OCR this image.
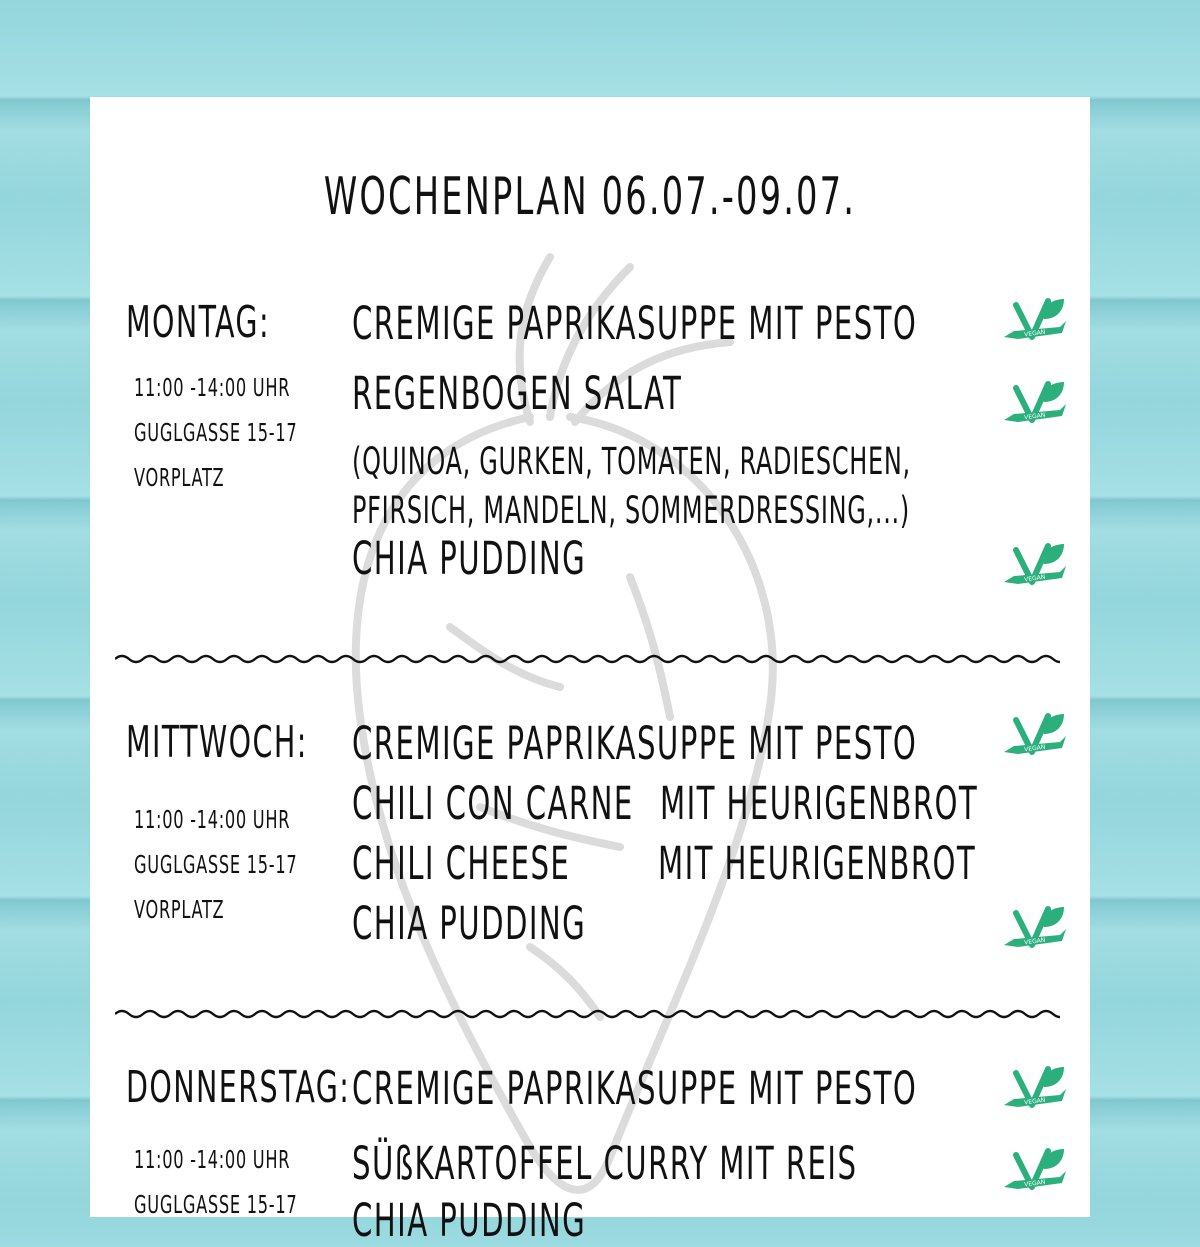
WOCHENPLAN 06.07.-09.07.
MONTAG:
11:00 -14:00 UHR
GUGLGASSE 15-17
VORPLATZ
CREMIGE PAPRIKASUPPE MIT PESTO
REGENBOGEN SALAT
(QUINOA, GURKEN, TOMATEN, RADIESCHEN,
PFIRSICH, MANDELN, SOMMERDRESSING,...)
CHIA PUDDING
MITTWOCH:
11:00 -14:00 UHR
GUGLGASSE 15-17
VORPLATZ
CREMIGE PAPRIKASUPPE MIT PESTO
CHILI CON CARNE MIT HEURIGENBROT
CHILI CHEESE	MIT HEURIGENBROT
CHIA PUDDING
DONNERSTAG:
11:00 -14:00 UHR
GUGLGASSE 15-17
CREMIGE PAPRIKASUPPE MIT PESTO
SÜßKARTOFFEL CURRY MIT REIS
CHIA PUDDING
